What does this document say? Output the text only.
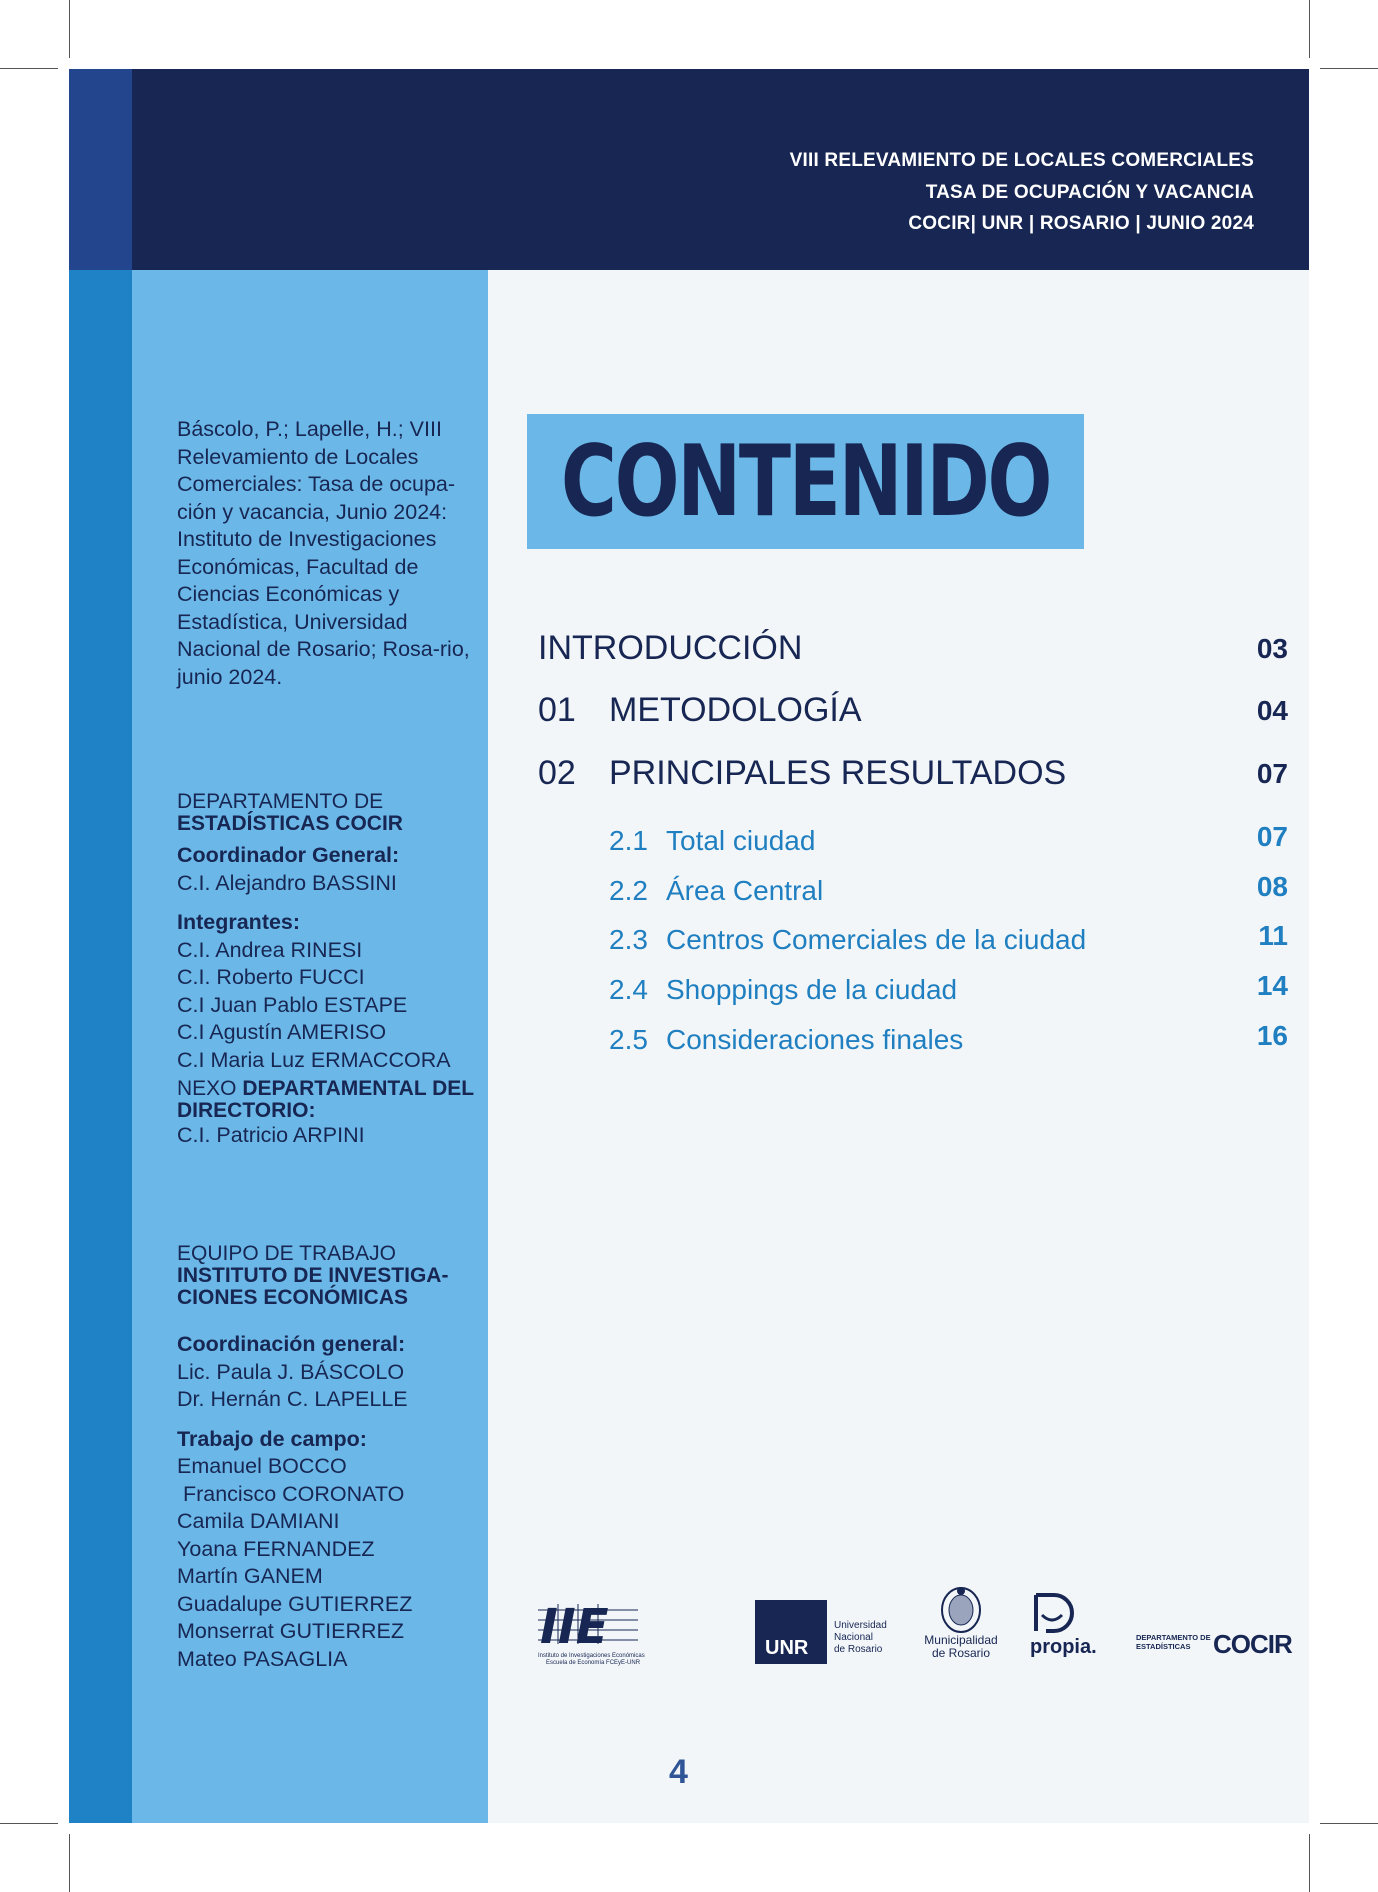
VIII RELEVAMIENTO DE LOCALES COMERCIALES
TASA DE OCUPACIÓN Y VACANCIA
COCIR| UNR | ROSARIO | JUNIO 2024

Báscolo, P.; Lapelle, H.; VIII Relevamiento de Locales Comerciales: Tasa de ocupa-ción y vacancia, Junio 2024: Instituto de Investigaciones Económicas, Facultad de Ciencias Económicas y Estadística, Universidad Nacional de Rosario; Rosa-rio, junio 2024.

DEPARTAMENTO DE
ESTADÍSTICAS COCIR
Coordinador General:
C.I. Alejandro BASSINI
Integrantes:
C.I. Andrea RINESI
C.I. Roberto FUCCI
C.I Juan Pablo ESTAPE
C.I Agustín AMERISO
C.I Maria Luz ERMACCORA
NEXO DEPARTAMENTAL DEL DIRECTORIO:
C.I. Patricio ARPINI
EQUIPO DE TRABAJO
INSTITUTO DE INVESTIGA-CIONES ECONÓMICAS
Coordinación general:
Lic. Paula J. BÁSCOLO
Dr. Hernán C. LAPELLE
Trabajo de campo:
Emanuel BOCCO
Francisco CORONATO
Camila DAMIANI
Yoana FERNANDEZ
Martín GANEM
Guadalupe GUTIERREZ
Monserrat GUTIERREZ
Mateo PASAGLIA
CONTENIDO
INTRODUCCIÓN	03
01 METODOLOGÍA	04
02 PRINCIPALES RESULTADOS	07
2.1 Total ciudad	07
2.2 Área Central	08
2.3 Centros Comerciales de la ciudad	11
2.4 Shoppings de la ciudad	14
2.5 Consideraciones finales	16
IIE
Instituto de Investigaciones Económicas
Escuela de Economía FCEyE-UNR
UNR
Universidad
Nacional
de Rosario
Municipalidad
de Rosario	propia.	DEPARTAMENTO DE
ESTADÍSTICAS COCIR
4
